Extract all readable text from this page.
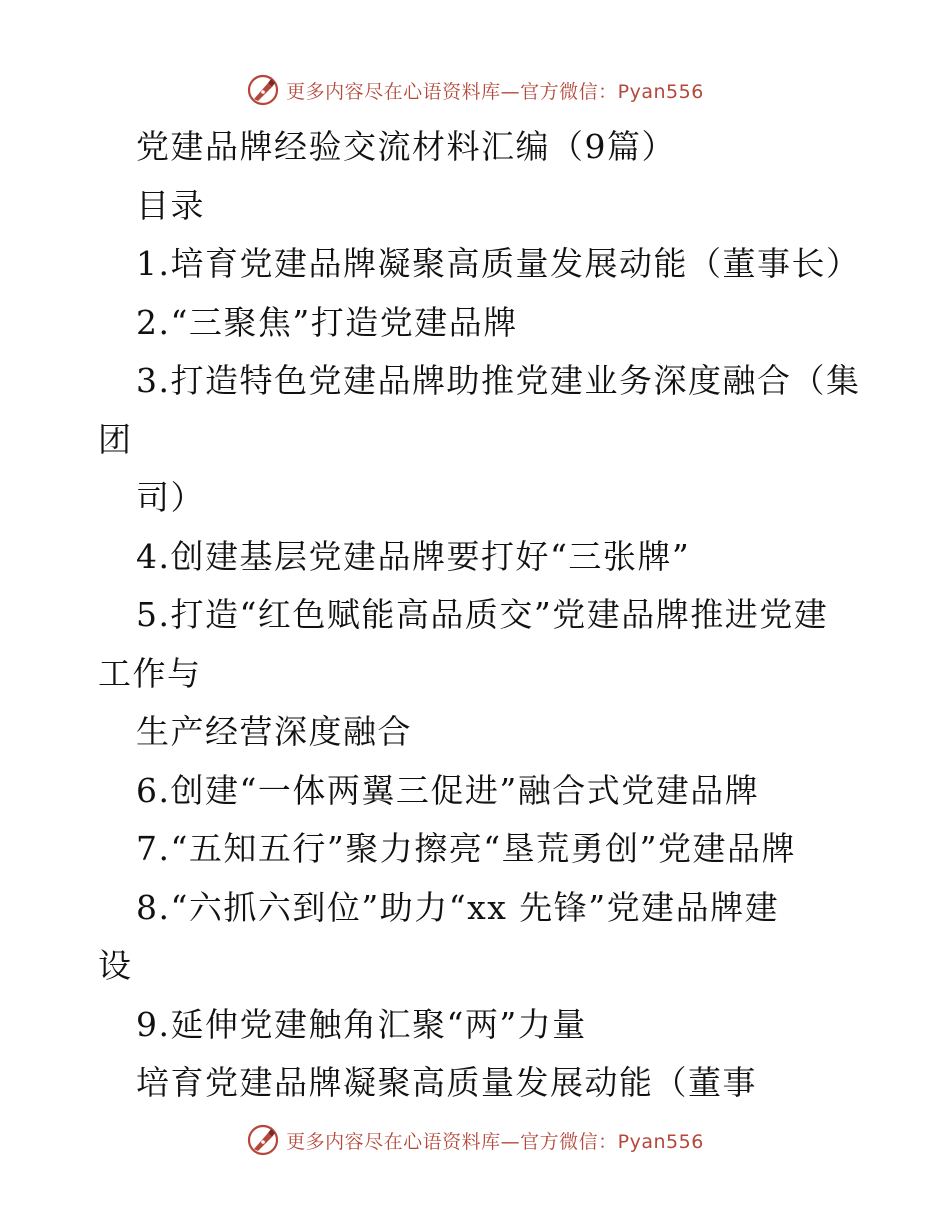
更多内容尽在心语资料库—官方微信：Pyan556
党建品牌经验交流材料汇编（9篇）
目录
1.培育党建品牌凝聚高质量发展动能（董事长）
2.“三聚焦”打造党建品牌
3.打造特色党建品牌助推党建业务深度融合（集
团
司）
4.创建基层党建品牌要打好“三张牌”
5.打造“红色赋能高品质交”党建品牌推进党建
工作与
生产经营深度融合
6.创建“一体两翼三促进”融合式党建品牌
7.“五知五行”聚力擦亮“垦荒勇创”党建品牌
8.“六抓六到位”助力“xx 先锋”党建品牌建
设
9.延伸党建触角汇聚“两”力量
培育党建品牌凝聚高质量发展动能（董事
更多内容尽在心语资料库—官方微信：Pyan556
